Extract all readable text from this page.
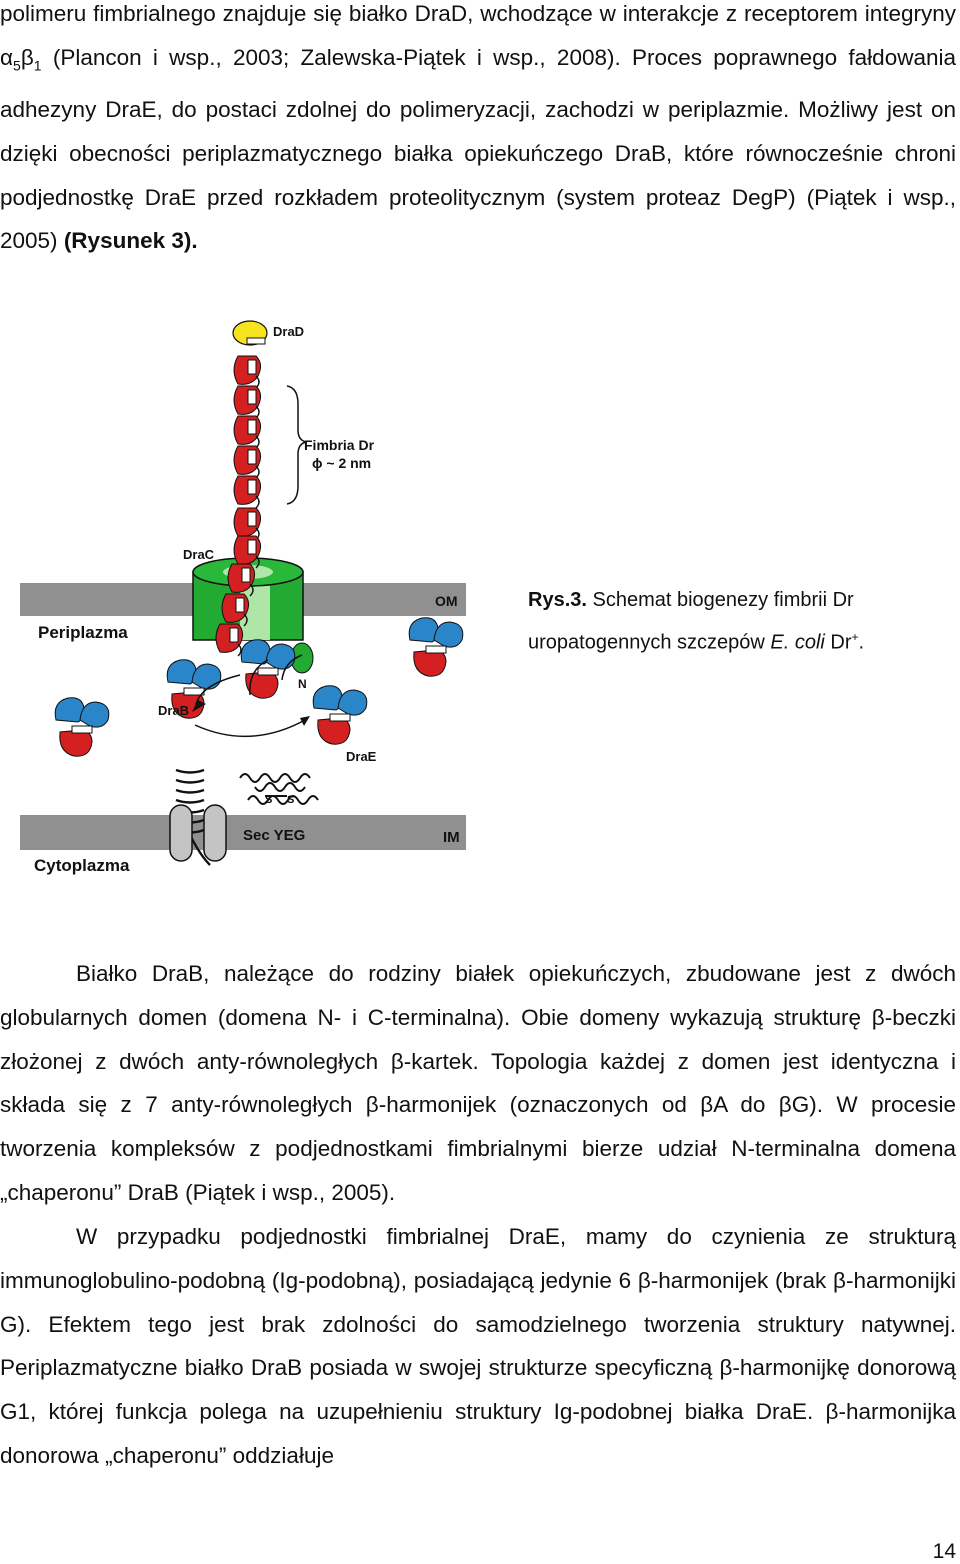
polimeru fimbrialnego znajduje się białko DraD, wchodzące w interakcje z receptorem integryny $\alpha_5\beta_1$ (Plancon i wsp., 2003; Zalewska-Piątek i wsp., 2008). Proces poprawnego fałdowania adhezyny DraE, do postaci zdolnej do polimeryzacji, zachodzi w periplazmie. Możliwy jest on dzięki obecności periplazmatycznego białka opiekuńczego DraB, które równocześnie chroni podjednostkę DraE przed rozkładem proteolitycznym (system proteaz DegP) (Piątek i wsp., 2005) (Rysunek 3).

DraD
Fimbria Dr
ϕ ~ 2 nm
DraC
OM
Periplazma
N
DraB
DraE
S S
Sec YEG	IM
Cytoplazma
Rys.3. Schemat biogenezy fimbrii Dr uropatogennych szczepów E. coli Dr+.

Białko DraB, należące do rodziny białek opiekuńczych, zbudowane jest z dwóch globularnych domen (domena N- i C-terminalna). Obie domeny wykazują strukturę β-beczki złożonej z dwóch anty-równoległych β-kartek. Topologia każdej z domen jest identyczna i składa się z 7 anty-równoległych β-harmonijek (oznaczonych od βA do βG). W procesie tworzenia kompleksów z podjednostkami fimbrialnymi bierze udział N-terminalna domena „chaperonu” DraB (Piątek i wsp., 2005).

W przypadku podjednostki fimbrialnej DraE, mamy do czynienia ze strukturą immunoglobulino-podobną (Ig-podobną), posiadającą jedynie 6 β-harmonijek (brak β-harmonijki G). Efektem tego jest brak zdolności do samodzielnego tworzenia struktury natywnej. Periplazmatyczne białko DraB posiada w swojej strukturze specyficzną β-harmonijkę donorową G1, której funkcja polega na uzupełnieniu struktury Ig-podobnej białka DraE. β-harmonijka donorowa „chaperonu” oddziałuje

14
